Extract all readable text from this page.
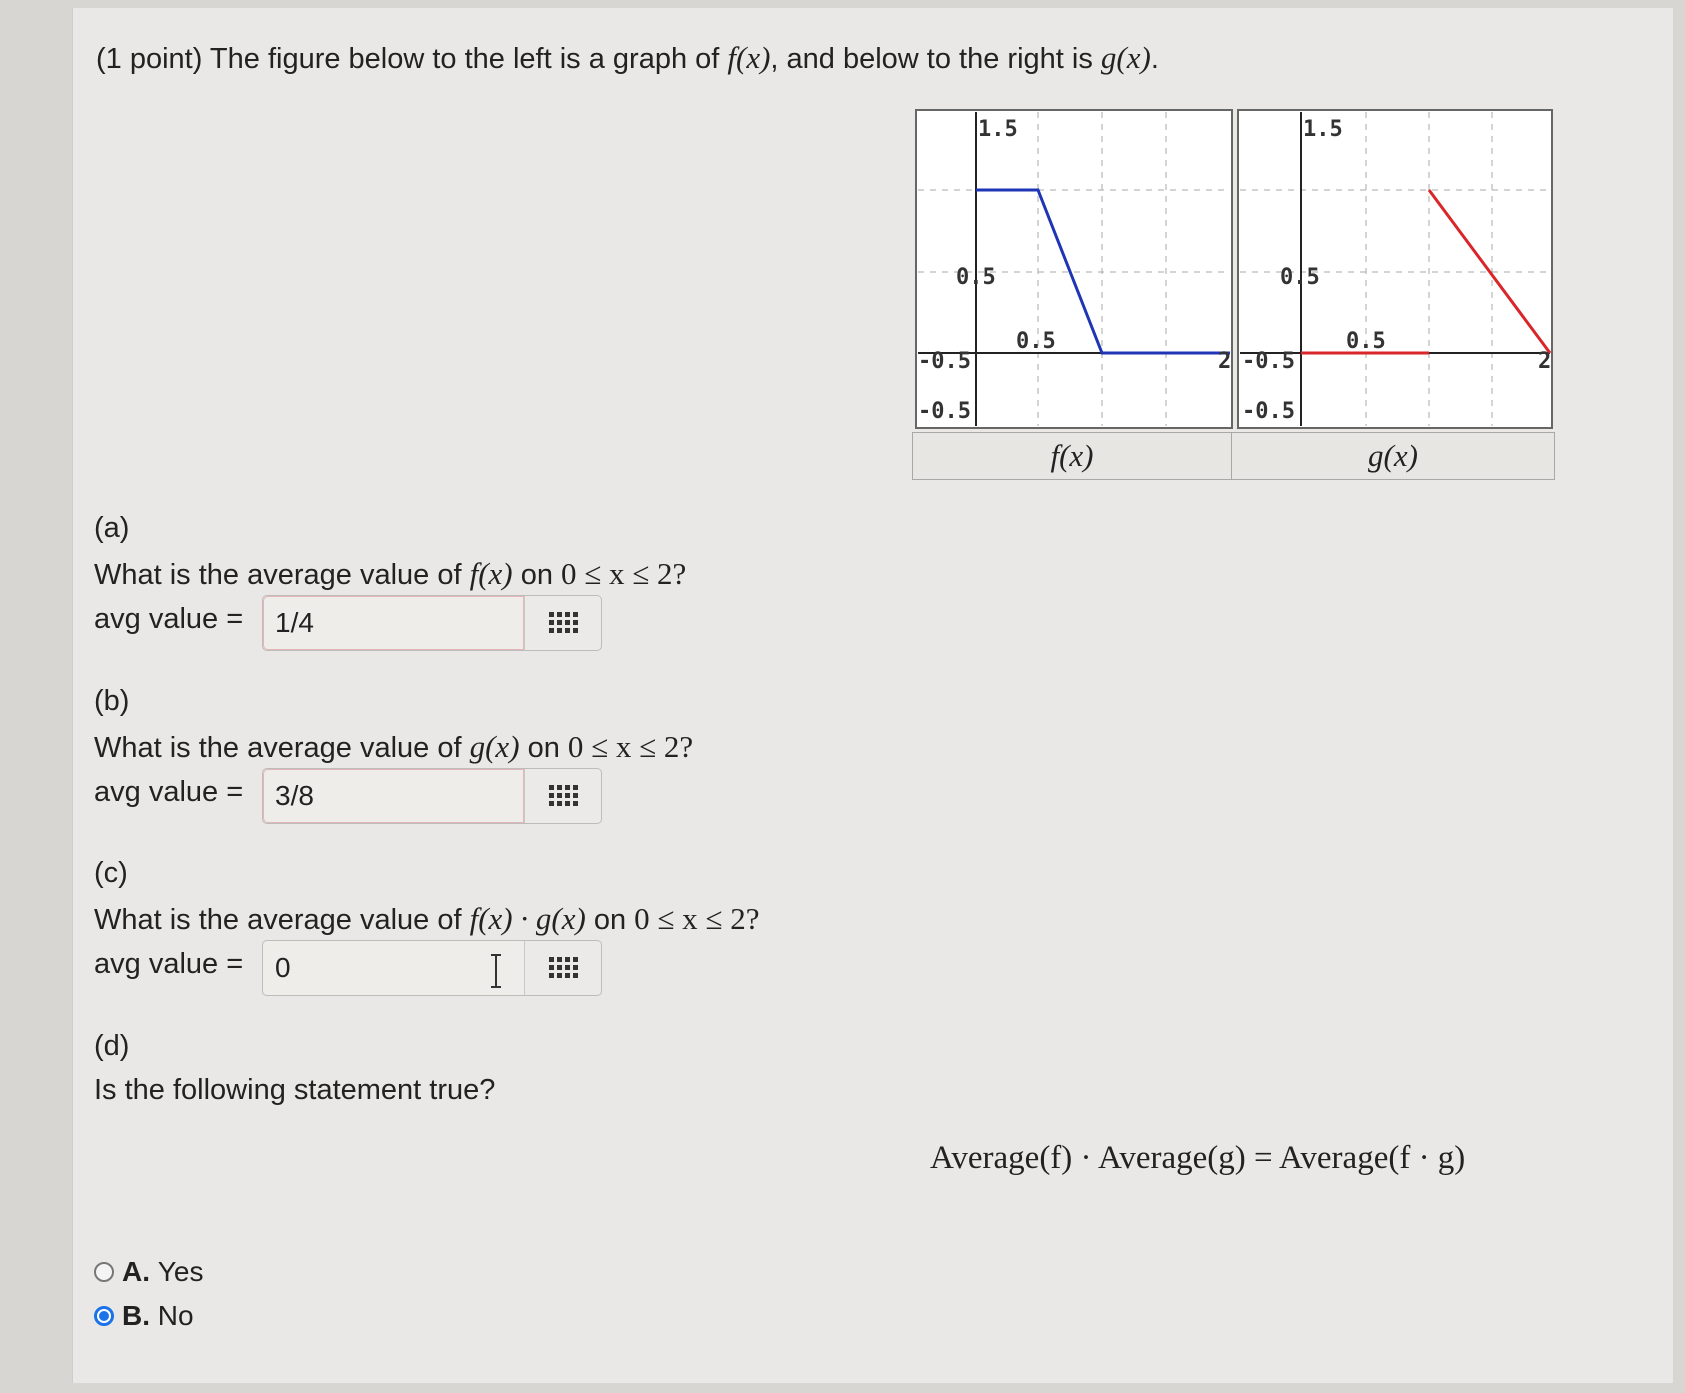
(1 point) The figure below to the left is a graph of f(x), and below to the right is g(x).
1.5
0.5
0.5
-0.5
-0.5
2
1.5
0.5
0.5
-0.5
-0.5
2
f(x)	g(x)
(a)
What is the average value of f(x) on 0 ≤ x ≤ 2?
avg value =
1/4
(b)
What is the average value of g(x) on 0 ≤ x ≤ 2?
avg value =
3/8
(c)
What is the average value of f(x) · g(x) on 0 ≤ x ≤ 2?
avg value =
0
(d)
Is the following statement true?
Average(f) · Average(g) = Average(f · g)
A.
Yes
B.
No
